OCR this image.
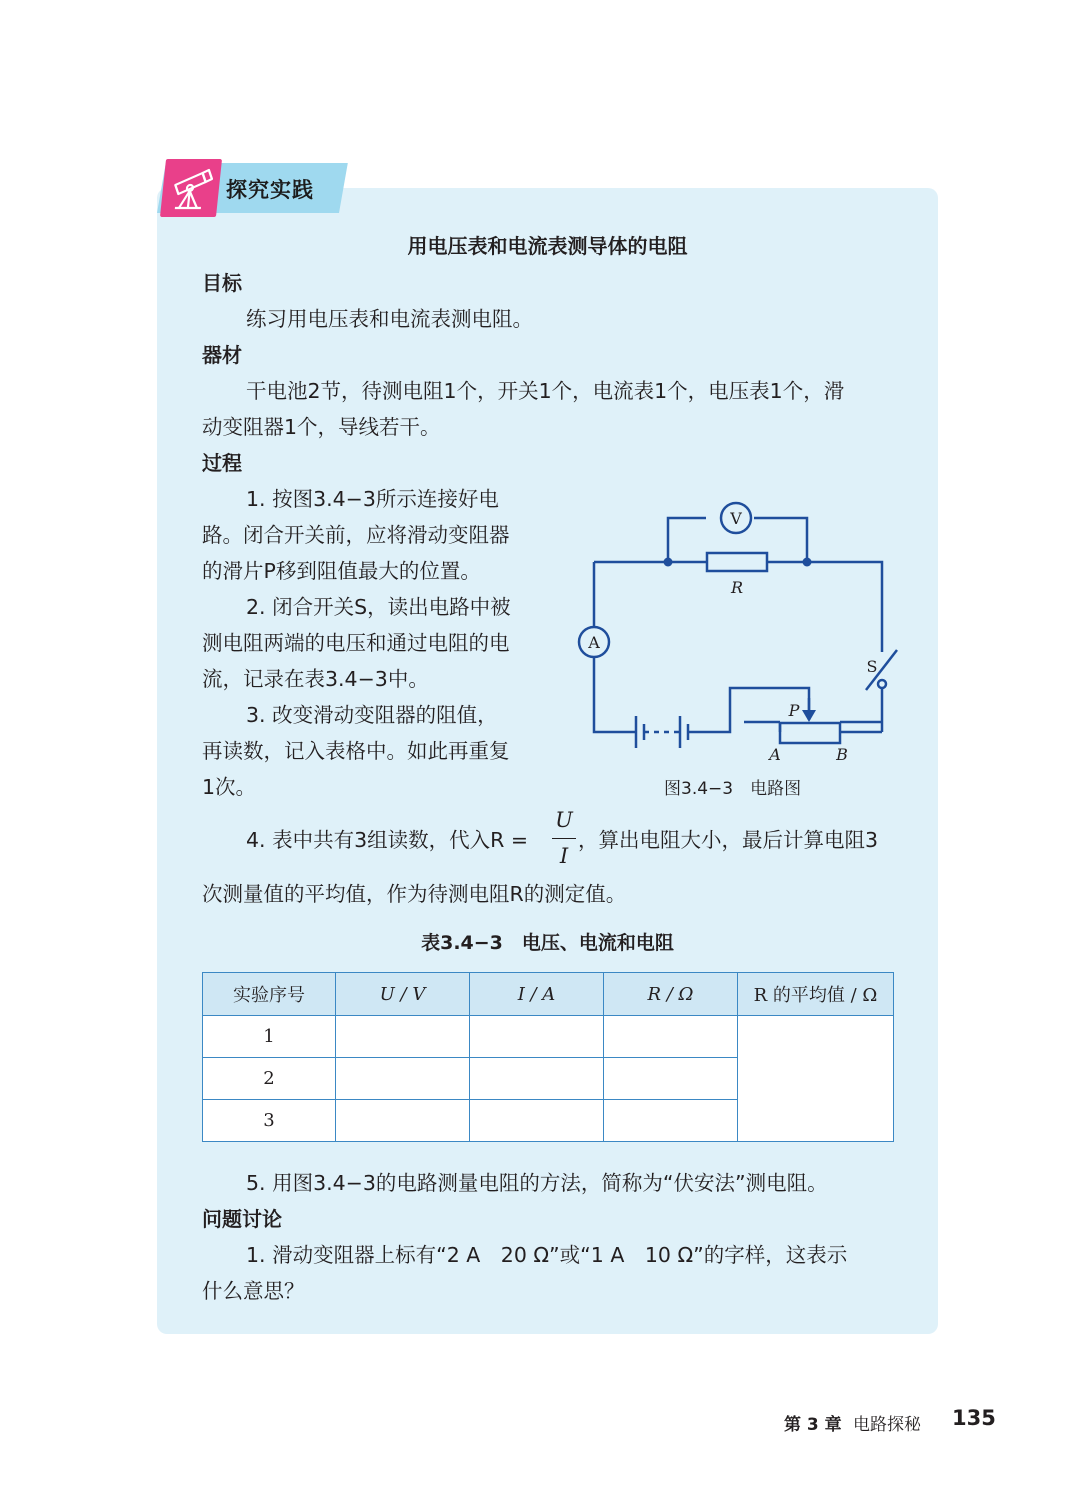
探究实践
用电压表和电流表测导体的电阻
目标
练习用电压表和电流表测电阻。
器材
干电池2节，待测电阻1个，开关1个，电流表1个，电压表1个，滑
动变阻器1个，导线若干。
过程
1. 按图3.4−3所示连接好电
路。闭合开关前，应将滑动变阻器
的滑片P移到阻值最大的位置。
2. 闭合开关S，读出电路中被
测电阻两端的电压和通过电阻的电
流，记录在表3.4−3中。
3. 改变滑动变阻器的阻值，
再读数，记入表格中。如此再重复
1次。
V
A
R
S
P
A	B
图3.4−3　电路图
4. 表中共有3组读数，代入R =
U
I
，算出电阻大小，最后计算电阻3
次测量值的平均值，作为待测电阻R的测定值。
表3.4−3　电压、电流和电阻
实验序号	U / V	I / A	R / Ω	R 的平均值 / Ω
1				
2				
3				
5. 用图3.4−3的电路测量电阻的方法，简称为“伏安法”测电阻。
问题讨论
1. 滑动变阻器上标有“2 A　20 Ω”或“1 A　10 Ω”的字样，这表示
什么意思？
第 3 章 电路探秘 135
